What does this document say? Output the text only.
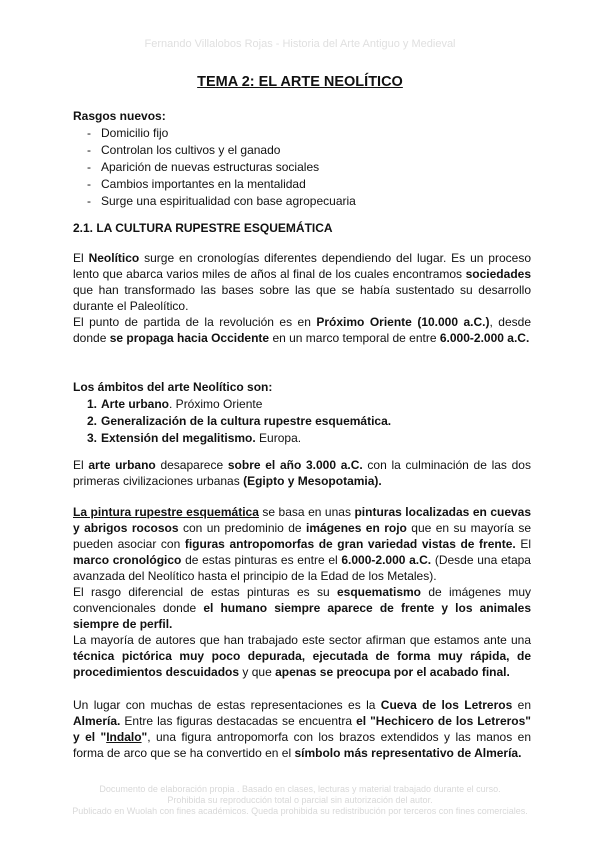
Fernando Villalobos Rojas - Historia del Arte Antiguo y Medieval
TEMA 2: EL ARTE NEOLÍTICO
Rasgos nuevos:
- Domicilio fijo
- Controlan los cultivos y el ganado
- Aparición de nuevas estructuras sociales
- Cambios importantes en la mentalidad
- Surge una espiritualidad con base agropecuaria
2.1. LA CULTURA RUPESTRE ESQUEMÁTICA

El Neolítico surge en cronologías diferentes dependiendo del lugar. Es un proceso lento que abarca varios miles de años al final de los cuales encontramos sociedades que han transformado las bases sobre las que se había sustentado su desarrollo durante el Paleolítico.

El punto de partida de la revolución es en Próximo Oriente (10.000 a.C.), desde donde se propaga hacia Occidente en un marco temporal de entre 6.000-2.000 a.C.

Los ámbitos del arte Neolítico son:
1. Arte urbano. Próximo Oriente
2. Generalización de la cultura rupestre esquemática.
3. Extensión del megalitismo. Europa.

El arte urbano desaparece sobre el año 3.000 a.C. con la culminación de las dos primeras civilizaciones urbanas (Egipto y Mesopotamia).

La pintura rupestre esquemática se basa en unas pinturas localizadas en cuevas y abrigos rocosos con un predominio de imágenes en rojo que en su mayoría se pueden asociar con figuras antropomorfas de gran variedad vistas de frente. El marco cronológico de estas pinturas es entre el 6.000-2.000 a.C. (Desde una etapa avanzada del Neolítico hasta el principio de la Edad de los Metales).

El rasgo diferencial de estas pinturas es su esquematismo de imágenes muy convencionales donde el humano siempre aparece de frente y los animales siempre de perfil.

La mayoría de autores que han trabajado este sector afirman que estamos ante una técnica pictórica muy poco depurada, ejecutada de forma muy rápida, de procedimientos descuidados y que apenas se preocupa por el acabado final.

Un lugar con muchas de estas representaciones es la Cueva de los Letreros en Almería. Entre las figuras destacadas se encuentra el "Hechicero de los Letreros" y el "Indalo", una figura antropomorfa con los brazos extendidos y las manos en forma de arco que se ha convertido en el símbolo más representativo de Almería.

Documento de elaboración propia . Basado en clases, lecturas y material trabajado durante el curso.
Prohibida su reproducción total o parcial sin autorización del autor.
Publicado en Wuolah con fines académicos. Queda prohibida su redistribución por terceros con fines comerciales.
